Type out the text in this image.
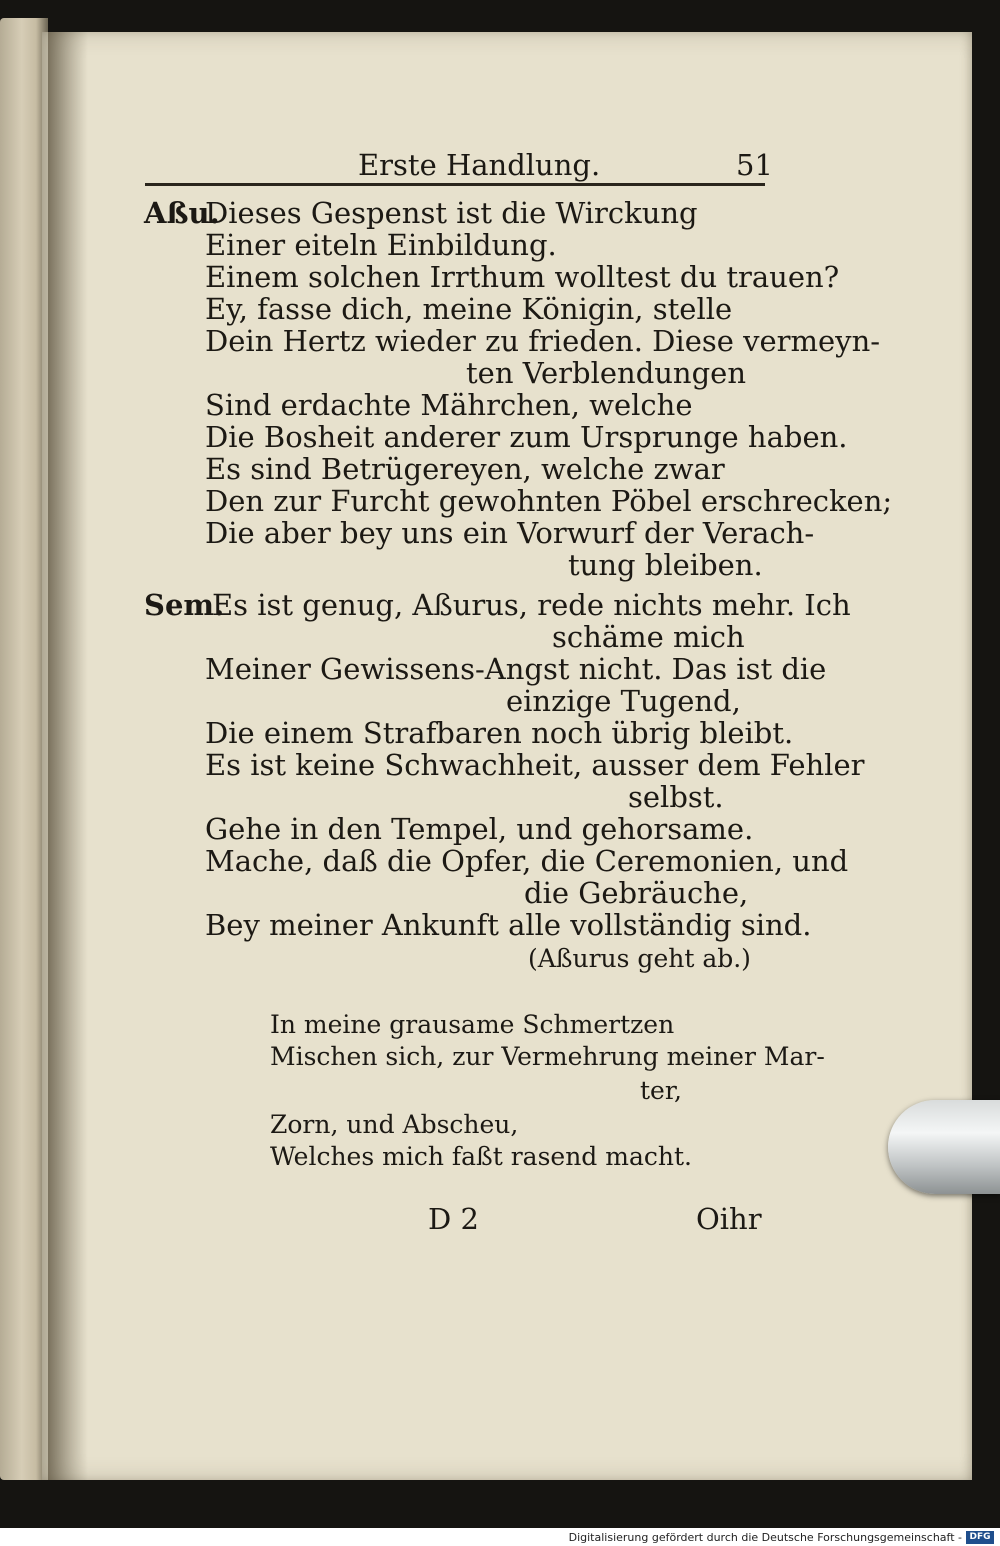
Erste Handlung.	51

Aßu.

Dieses Gespenst ist die Wirckung

Einer eiteln Einbildung.

Einem solchen Irrthum wolltest du trauen?

Ey, fasse dich, meine Königin, stelle

Dein Hertz wieder zu frieden. Diese vermeyn-

ten Verblendungen

Sind erdachte Mährchen, welche

Die Bosheit anderer zum Ursprunge haben.

Es sind Betrügereyen, welche zwar

Den zur Furcht gewohnten Pöbel erschrecken;

Die aber bey uns ein Vorwurf der Verach-

tung bleiben.

Sem.

Es ist genug, Aßurus, rede nichts mehr. Ich

schäme mich

Meiner Gewissens-Angst nicht. Das ist die

einzige Tugend,

Die einem Strafbaren noch übrig bleibt.

Es ist keine Schwachheit, ausser dem Fehler

selbst.

Gehe in den Tempel, und gehorsame.

Mache, daß die Opfer, die Ceremonien, und

die Gebräuche,

Bey meiner Ankunft alle vollständig sind.

(Aßurus geht ab.)

In meine grausame Schmertzen

Mischen sich, zur Vermehrung meiner Mar-

ter,

Zorn, und Abscheu,

Welches mich faßt rasend macht.

D 2	Oihr

Digitalisierung gefördert durch die Deutsche Forschungsgemeinschaft - DFG
